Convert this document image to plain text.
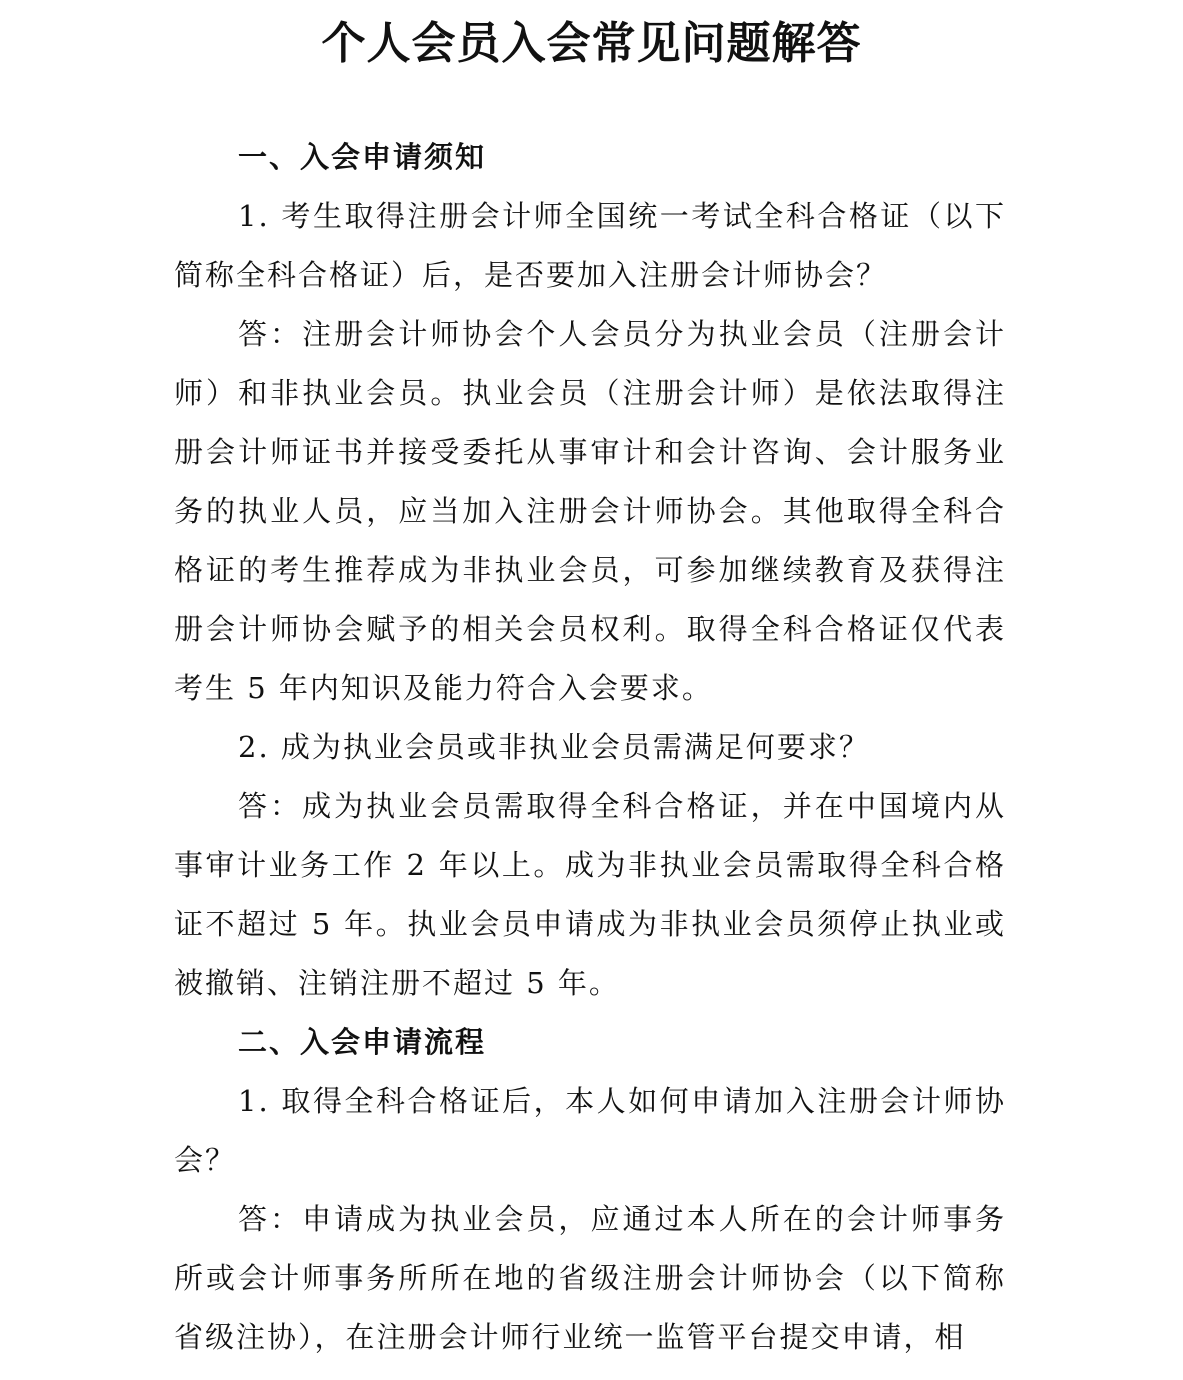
个人会员入会常见问题解答

一、入会申请须知

1. 考生取得注册会计师全国统一考试全科合格证（以下简称全科合格证）后，是否要加入注册会计师协会？

答：注册会计师协会个人会员分为执业会员（注册会计师）和非执业会员。执业会员（注册会计师）是依法取得注册会计师证书并接受委托从事审计和会计咨询、会计服务业务的执业人员，应当加入注册会计师协会。其他取得全科合格证的考生推荐成为非执业会员，可参加继续教育及获得注册会计师协会赋予的相关会员权利。取得全科合格证仅代表考生 5 年内知识及能力符合入会要求。

2. 成为执业会员或非执业会员需满足何要求？

答：成为执业会员需取得全科合格证，并在中国境内从事审计业务工作 2 年以上。成为非执业会员需取得全科合格证不超过 5 年。执业会员申请成为非执业会员须停止执业或被撤销、注销注册不超过 5 年。

二、入会申请流程

1. 取得全科合格证后，本人如何申请加入注册会计师协会？

答：申请成为执业会员，应通过本人所在的会计师事务所或会计师事务所所在地的省级注册会计师协会（以下简称省级注协），在注册会计师行业统一监管平台提交申请，相
